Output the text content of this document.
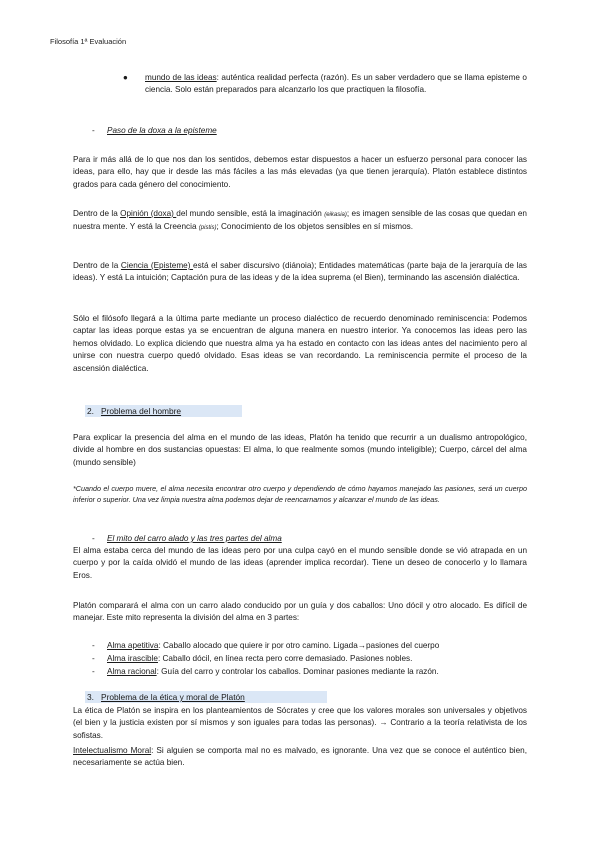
Filosofía 1ª Evaluación
● mundo de las ideas: auténtica realidad perfecta (razón). Es un saber verdadero que se llama episteme o ciencia. Solo están preparados para alcanzarlo los que practiquen la filosofía.
- Paso de la doxa a la episteme
Para ir más allá de lo que nos dan los sentidos, debemos estar dispuestos a hacer un esfuerzo personal para conocer las ideas, para ello, hay que ir desde las más fáciles a las más elevadas (ya que tienen jerarquía). Platón establece distintos grados para cada género del conocimiento.
Dentro de la Opinión (doxa) del mundo sensible, está la imaginación (eikasia); es imagen sensible de las cosas que quedan en nuestra mente. Y está la Creencia (pistis); Conocimiento de los objetos sensibles en sí mismos.
Dentro de la Ciencia (Episteme) está el saber discursivo (diánoia); Entidades matemáticas (parte baja de la jerarquía de las ideas). Y está La intuición; Captación pura de las ideas y de la idea suprema (el Bien), terminando las ascensión dialéctica.
Sólo el filósofo llegará a la última parte mediante un proceso dialéctico de recuerdo denominado reminiscencia: Podemos captar las ideas porque estas ya se encuentran de alguna manera en nuestro interior. Ya conocemos las ideas pero las hemos olvidado. Lo explica diciendo que nuestra alma ya ha estado en contacto con las ideas antes del nacimiento pero al unirse con nuestra cuerpo quedó olvidado. Esas ideas se van recordando. La reminiscencia permite el proceso de la ascensión dialéctica.
2. Problema del hombre
Para explicar la presencia del alma en el mundo de las ideas, Platón ha tenido que recurrir a un dualismo antropológico, divide al hombre en dos sustancias opuestas: El alma, lo que realmente somos (mundo inteligible); Cuerpo, cárcel del alma (mundo sensible)
*Cuando el cuerpo muere, el alma necesita encontrar otro cuerpo y dependiendo de cómo hayamos manejado las pasiones, será un cuerpo inferior o superior. Una vez limpia nuestra alma podemos dejar de reencarnarnos y alcanzar el mundo de las ideas.
- El mito del carro alado y las tres partes del alma
El alma estaba cerca del mundo de las ideas pero por una culpa cayó en el mundo sensible donde se vió atrapada en un cuerpo y por la caída olvidó el mundo de las ideas (aprender implica recordar). Tiene un deseo de conocerlo y lo llamara Eros.
Platón comparará el alma con un carro alado conducido por un guía y dos caballos: Uno dócil y otro alocado. Es difícil de manejar. Este mito representa la división del alma en 3 partes:
- Alma apetitiva: Caballo alocado que quiere ir por otro camino. Ligada→pasiones del cuerpo
- Alma irascible: Caballo dócil, en línea recta pero corre demasiado. Pasiones nobles.
- Alma racional: Guía del carro y controlar los caballos. Dominar pasiones mediante la razón.
3. Problema de la ética y moral de Platón
La ética de Platón se inspira en los planteamientos de Sócrates y cree que los valores morales son universales y objetivos (el bien y la justicia existen por sí mismos y son iguales para todas las personas). → Contrario a la teoría relativista de los sofistas.
Intelectualismo Moral: Si alguien se comporta mal no es malvado, es ignorante. Una vez que se conoce el auténtico bien, necesariamente se actúa bien.
